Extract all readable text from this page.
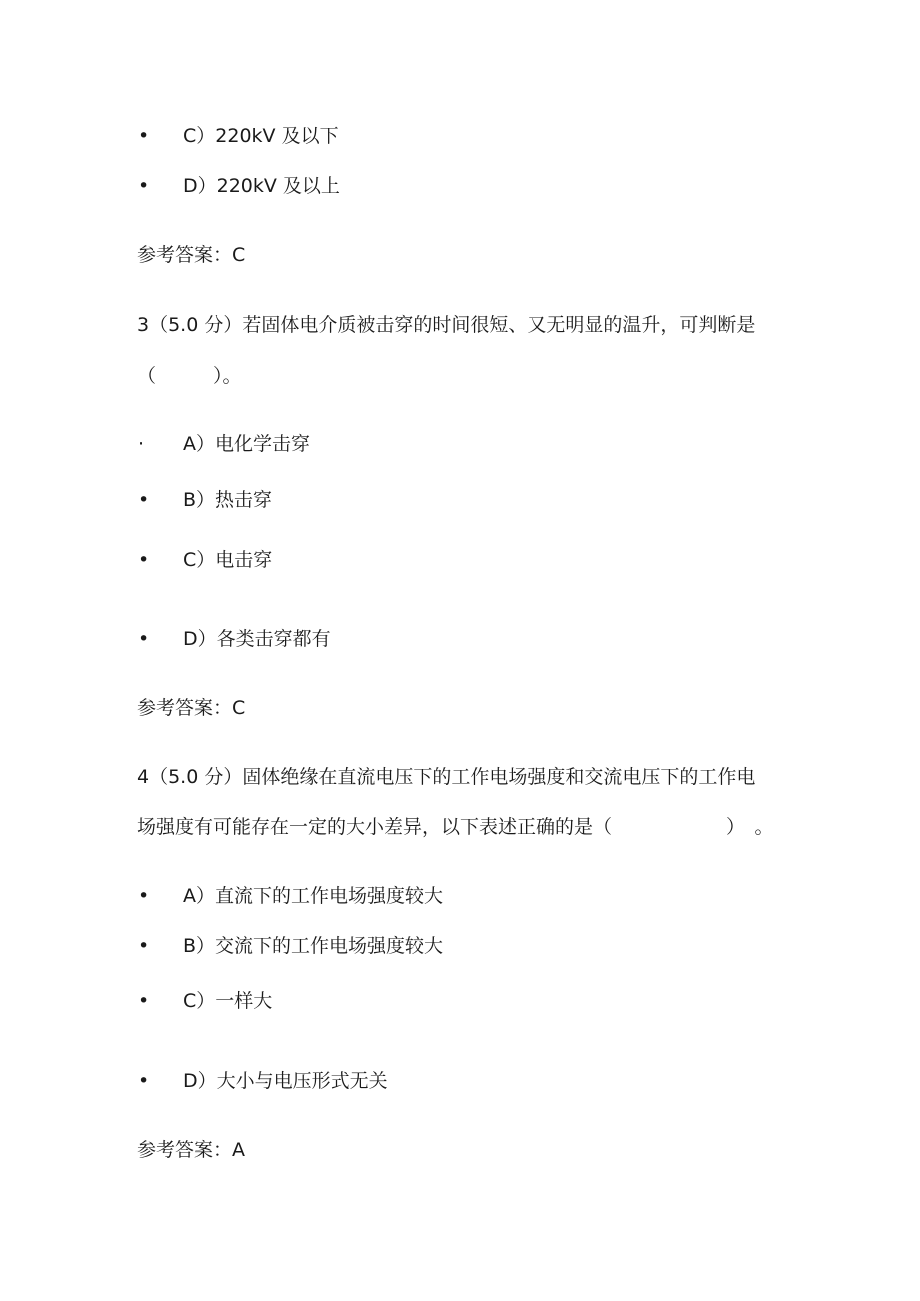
• C）220kV 及以下
• D）220kV 及以上
参考答案：C
3（5.0 分）若固体电介质被击穿的时间很短、又无明显的温升，可判断是
（　　　）。
· A）电化学击穿
• B）热击穿
• C）电击穿
• D）各类击穿都有
参考答案：C
4（5.0 分）固体绝缘在直流电压下的工作电场强度和交流电压下的工作电
场强度有可能存在一定的大小差异，以下表述正确的是（　　　　　　）　。
• A）直流下的工作电场强度较大
• B）交流下的工作电场强度较大
• C）一样大
• D）大小与电压形式无关
参考答案：A
